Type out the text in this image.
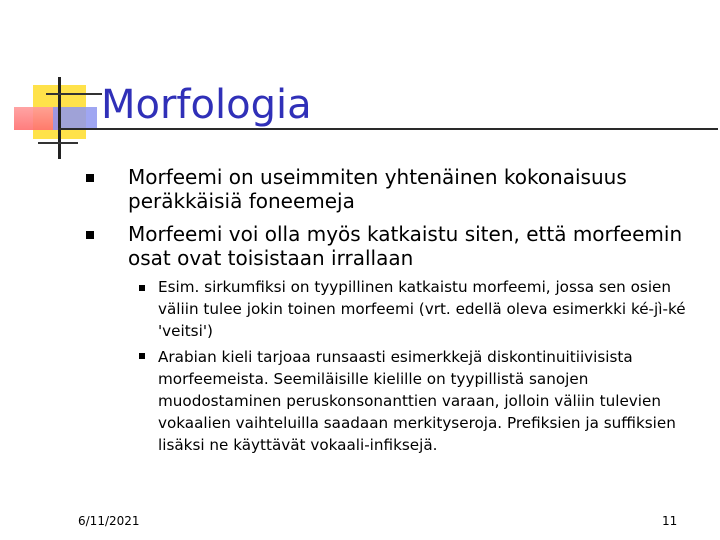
Morfologia
Morfeemi on useimmiten yhtenäinen kokonaisuus peräkkäisiä foneemeja
Morfeemi voi olla myös katkaistu siten, että morfeemin osat ovat toisistaan irrallaan
Esim. sirkumfiksi on tyypillinen katkaistu morfeemi, jossa sen osien väliin tulee jokin toinen morfeemi (vrt. edellä oleva esimerkki ké-jì-ké 'veitsi')
Arabian kieli tarjoaa runsaasti esimerkkejä diskontinuitiivisista morfeemeista. Seemiläisille kielille on tyypillistä sanojen muodostaminen peruskonsonanttien varaan, jolloin väliin tulevien vokaalien vaihteluilla saadaan merkityseroja. Prefiksien ja suffiksien lisäksi ne käyttävät vokaali-infiksejä.
6/11/2021	11
